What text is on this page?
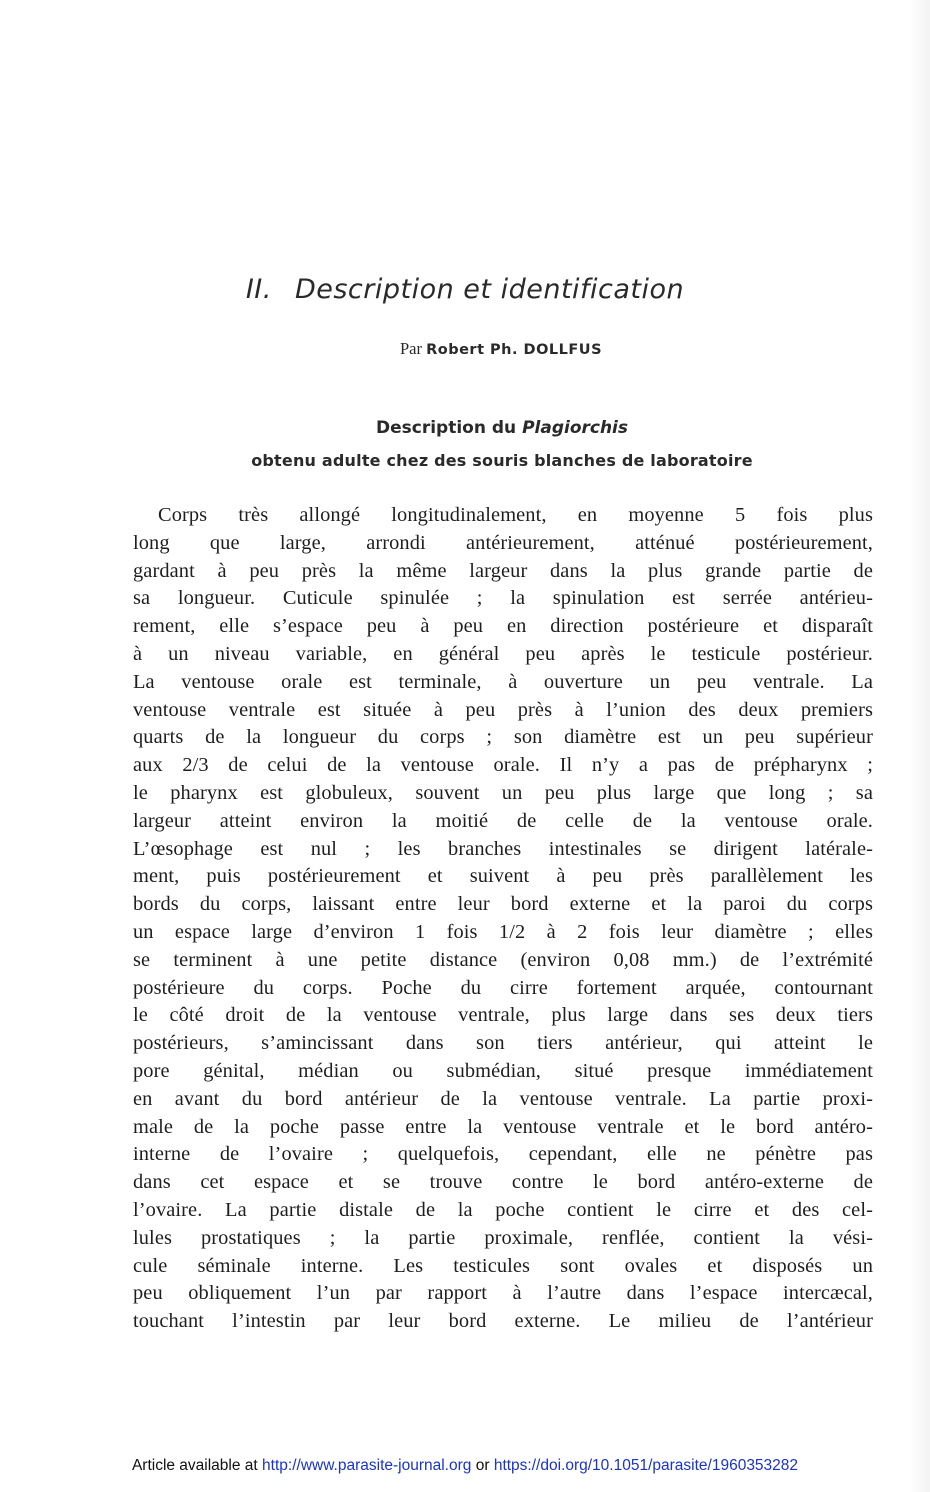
II. Description et identification
Par Robert Ph. DOLLFUS
Description du Plagiorchis
obtenu adulte chez des souris blanches de laboratoire
Corps très allongé longitudinalement, en moyenne 5 fois plus
long que large, arrondi antérieurement, atténué postérieurement,
gardant à peu près la même largeur dans la plus grande partie de
sa longueur. Cuticule spinulée ; la spinulation est serrée antérieu-
rement, elle s’espace peu à peu en direction postérieure et disparaît
à un niveau variable, en général peu après le testicule postérieur.
La ventouse orale est terminale, à ouverture un peu ventrale. La
ventouse ventrale est située à peu près à l’union des deux premiers
quarts de la longueur du corps ; son diamètre est un peu supérieur
aux 2/3 de celui de la ventouse orale. Il n’y a pas de prépharynx ;
le pharynx est globuleux, souvent un peu plus large que long ; sa
largeur atteint environ la moitié de celle de la ventouse orale.
L’œsophage est nul ; les branches intestinales se dirigent latérale-
ment, puis postérieurement et suivent à peu près parallèlement les
bords du corps, laissant entre leur bord externe et la paroi du corps
un espace large d’environ 1 fois 1/2 à 2 fois leur diamètre ; elles
se terminent à une petite distance (environ 0,08 mm.) de l’extrémité
postérieure du corps. Poche du cirre fortement arquée, contournant
le côté droit de la ventouse ventrale, plus large dans ses deux tiers
postérieurs, s’amincissant dans son tiers antérieur, qui atteint le
pore génital, médian ou submédian, situé presque immédiatement
en avant du bord antérieur de la ventouse ventrale. La partie proxi-
male de la poche passe entre la ventouse ventrale et le bord antéro-
interne de l’ovaire ; quelquefois, cependant, elle ne pénètre pas
dans cet espace et se trouve contre le bord antéro-externe de
l’ovaire. La partie distale de la poche contient le cirre et des cel-
lules prostatiques ; la partie proximale, renflée, contient la vési-
cule séminale interne. Les testicules sont ovales et disposés un
peu obliquement l’un par rapport à l’autre dans l’espace intercæcal,
touchant l’intestin par leur bord externe. Le milieu de l’antérieur
Article available at http://www.parasite-journal.org or https://doi.org/10.1051/parasite/1960353282
